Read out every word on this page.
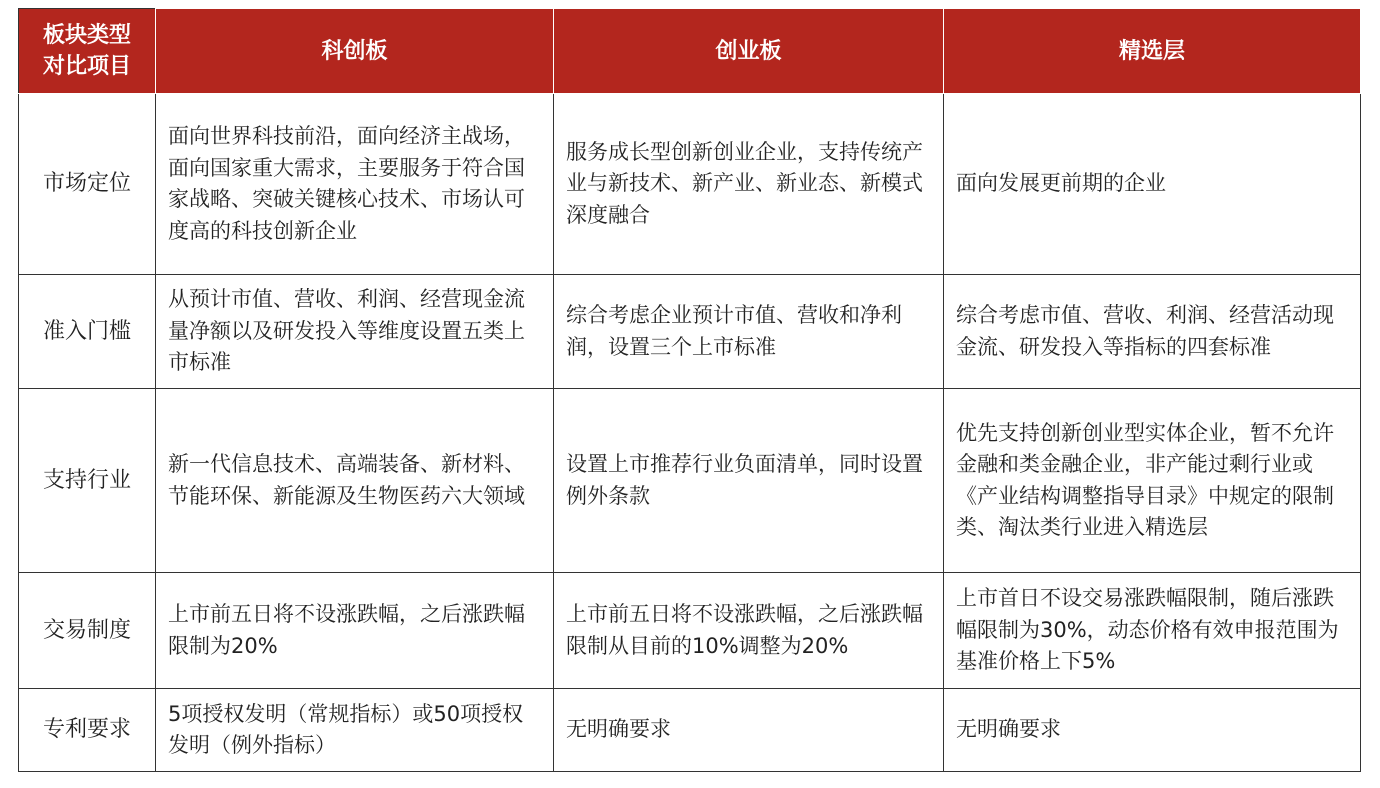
板块类型
对比项目	科创板	创业板	精选层
市场定位	面向世界科技前沿，面向经济主战场，面向国家重大需求，主要服务于符合国家战略、突破关键核心技术、市场认可度高的科技创新企业	服务成长型创新创业企业，支持传统产业与新技术、新产业、新业态、新模式深度融合	面向发展更前期的企业
准入门槛	从预计市值、营收、利润、经营现金流量净额以及研发投入等维度设置五类上市标准	综合考虑企业预计市值、营收和净利润，设置三个上市标准	综合考虑市值、营收、利润、经营活动现金流、研发投入等指标的四套标准
支持行业	新一代信息技术、高端装备、新材料、节能环保、新能源及生物医药六大领域	设置上市推荐行业负面清单，同时设置例外条款	优先支持创新创业型实体企业，暂不允许金融和类金融企业，非产能过剩行业或《产业结构调整指导目录》中规定的限制类、淘汰类行业进入精选层
交易制度	上市前五日将不设涨跌幅，之后涨跌幅限制为20%	上市前五日将不设涨跌幅，之后涨跌幅限制从目前的10%调整为20%	上市首日不设交易涨跌幅限制，随后涨跌幅限制为30%，动态价格有效申报范围为基准价格上下5%
专利要求	5项授权发明（常规指标）或50项授权发明（例外指标）	无明确要求	无明确要求
